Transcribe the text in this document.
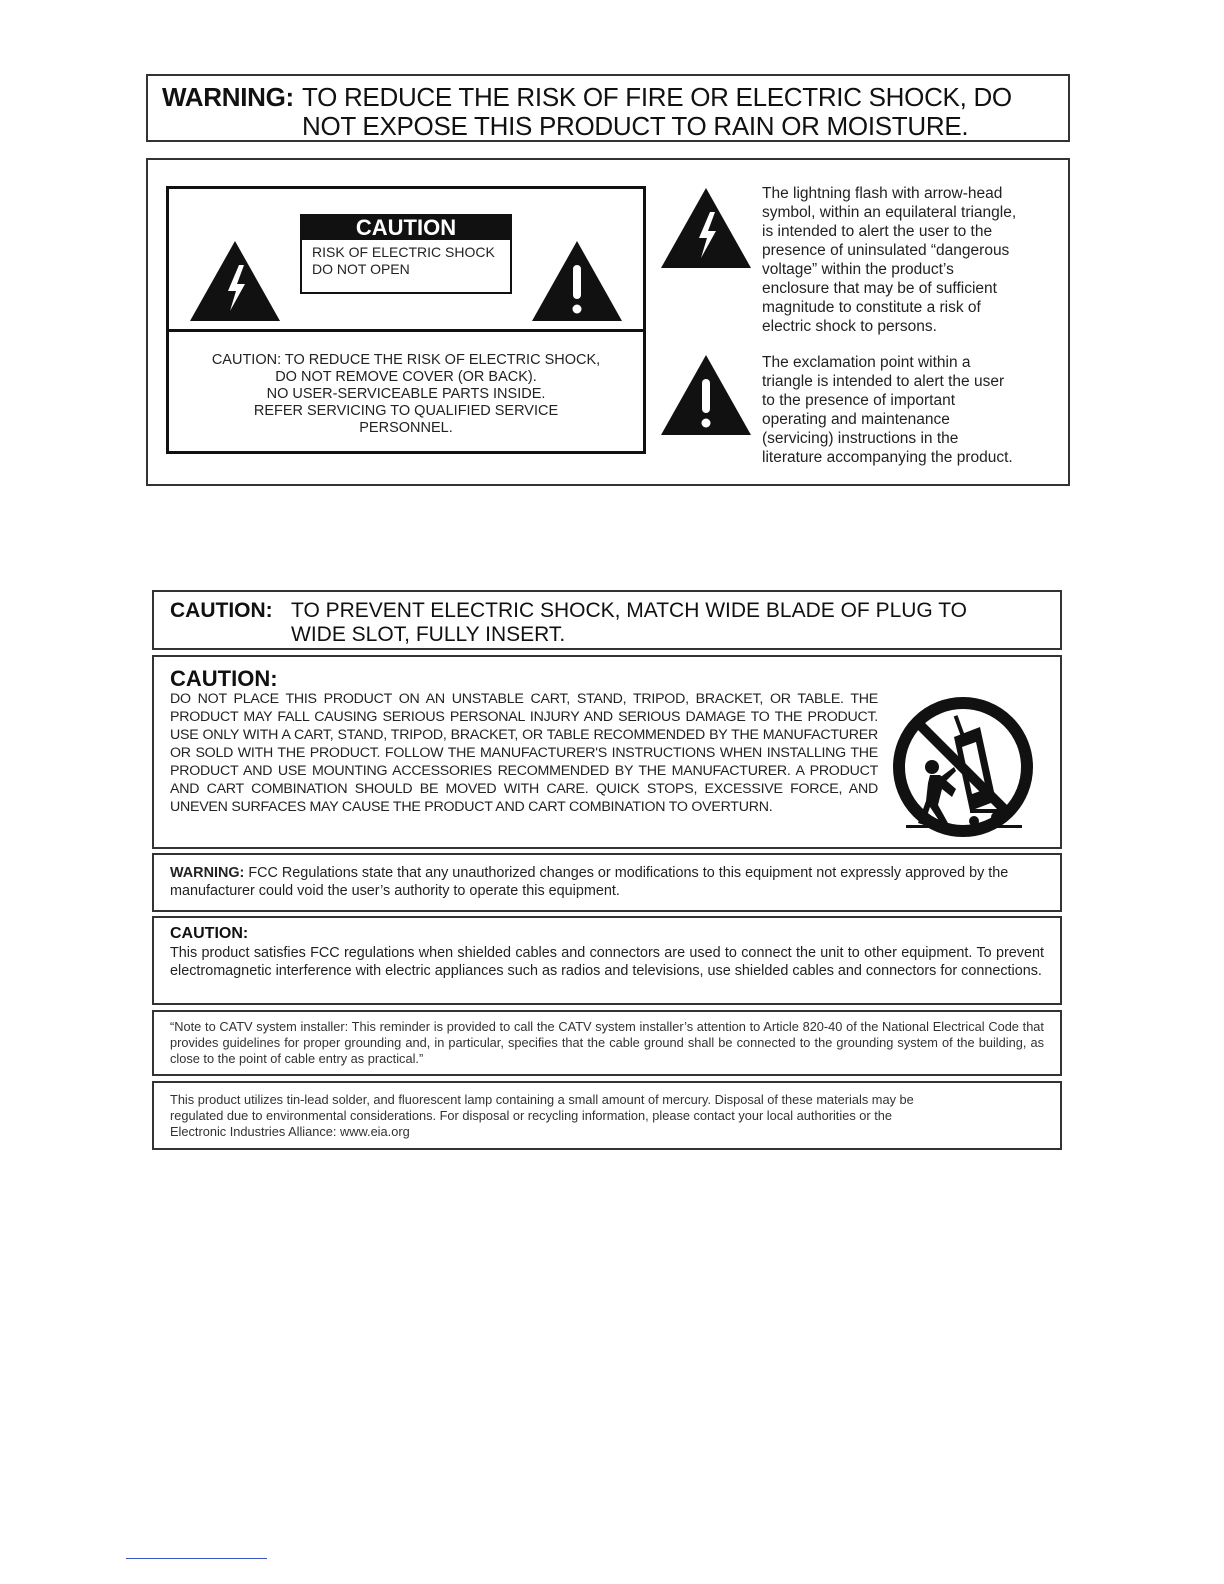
WARNING: TO REDUCE THE RISK OF FIRE OR ELECTRIC SHOCK, DO
NOT EXPOSE THIS PRODUCT TO RAIN OR MOISTURE.
CAUTION
RISK OF ELECTRIC SHOCK
DO NOT OPEN
CAUTION: TO REDUCE THE RISK OF ELECTRIC SHOCK,
DO NOT REMOVE COVER (OR BACK).
NO USER-SERVICEABLE PARTS INSIDE.
REFER SERVICING TO QUALIFIED SERVICE
PERSONNEL.
The lightning flash with arrow-head
symbol, within an equilateral triangle,
is intended to alert the user to the
presence of uninsulated “dangerous
voltage” within the product’s
enclosure that may be of sufficient
magnitude to constitute a risk of
electric shock to persons.
The exclamation point within a
triangle is intended to alert the user
to the presence of important
operating and maintenance
(servicing) instructions in the
literature accompanying the product.
CAUTION: TO PREVENT ELECTRIC SHOCK, MATCH WIDE BLADE OF PLUG TO
WIDE SLOT, FULLY INSERT.
CAUTION:
DO NOT PLACE THIS PRODUCT ON AN UNSTABLE CART, STAND, TRIPOD, BRACKET, OR TABLE. THE PRODUCT MAY FALL CAUSING SERIOUS PERSONAL INJURY AND SERIOUS DAMAGE TO THE PRODUCT. USE ONLY WITH A CART, STAND, TRIPOD, BRACKET, OR TABLE RECOMMENDED BY THE MANUFACTURER OR SOLD WITH THE PRODUCT. FOLLOW THE MANUFACTURER'S INSTRUCTIONS WHEN INSTALLING THE PRODUCT AND USE MOUNTING ACCESSORIES RECOMMENDED BY THE MANUFACTURER. A PRODUCT AND CART COMBINATION SHOULD BE MOVED WITH CARE. QUICK STOPS, EXCESSIVE FORCE, AND UNEVEN SURFACES MAY CAUSE THE PRODUCT AND CART COMBINATION TO OVERTURN.
WARNING: FCC Regulations state that any unauthorized changes or modifications to this equipment not expressly approved by the manufacturer could void the user’s authority to operate this equipment.
CAUTION:
This product satisfies FCC regulations when shielded cables and connectors are used to connect the unit to other equipment. To prevent electromagnetic interference with electric appliances such as radios and televisions, use shielded cables and connectors for connections.
“Note to CATV system installer: This reminder is provided to call the CATV system installer’s attention to Article 820-40 of the National Electrical Code that provides guidelines for proper grounding and, in particular, specifies that the cable ground shall be connected to the grounding system of the building, as close to the point of cable entry as practical.”
This product utilizes tin-lead solder, and fluorescent lamp containing a small amount of mercury. Disposal of these materials may be
regulated due to environmental considerations. For disposal or recycling information, please contact your local authorities or the
Electronic Industries Alliance: www.eia.org
